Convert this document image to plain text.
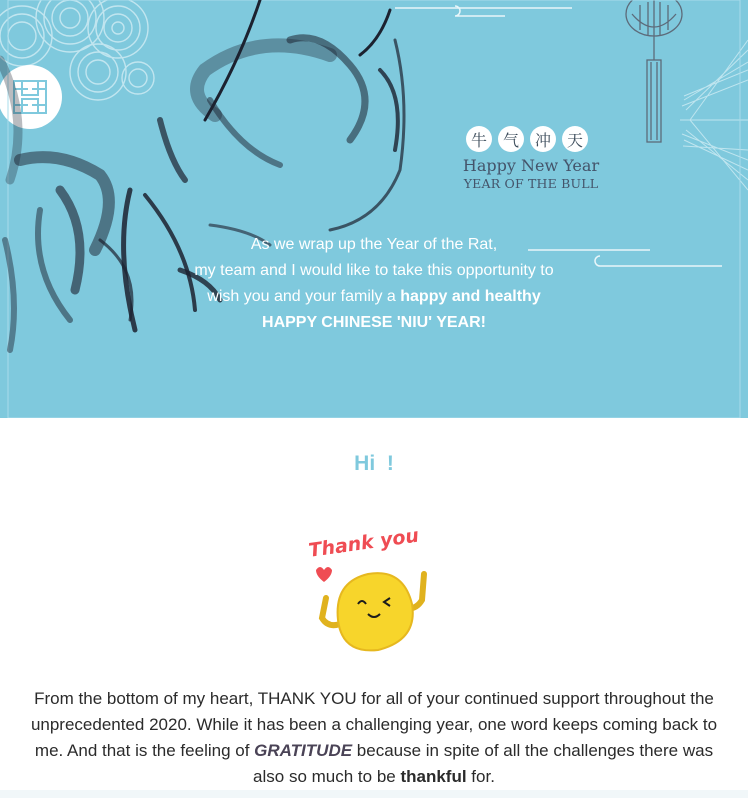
牛 气 冲 天
Happy New Year
YEAR OF THE BULL
As we wrap up the Year of the Rat,
my team and I would like to take this opportunity to
wish you and your family a happy and healthy
HAPPY CHINESE 'NIU' YEAR!
Hi !
Thank you
From the bottom of my heart, THANK YOU for all of your continued support throughout the unprecedented 2020. While it has been a challenging year, one word keeps coming back to me. And that is the feeling of GRATITUDE because in spite of all the challenges there was also so much to be thankful for.
